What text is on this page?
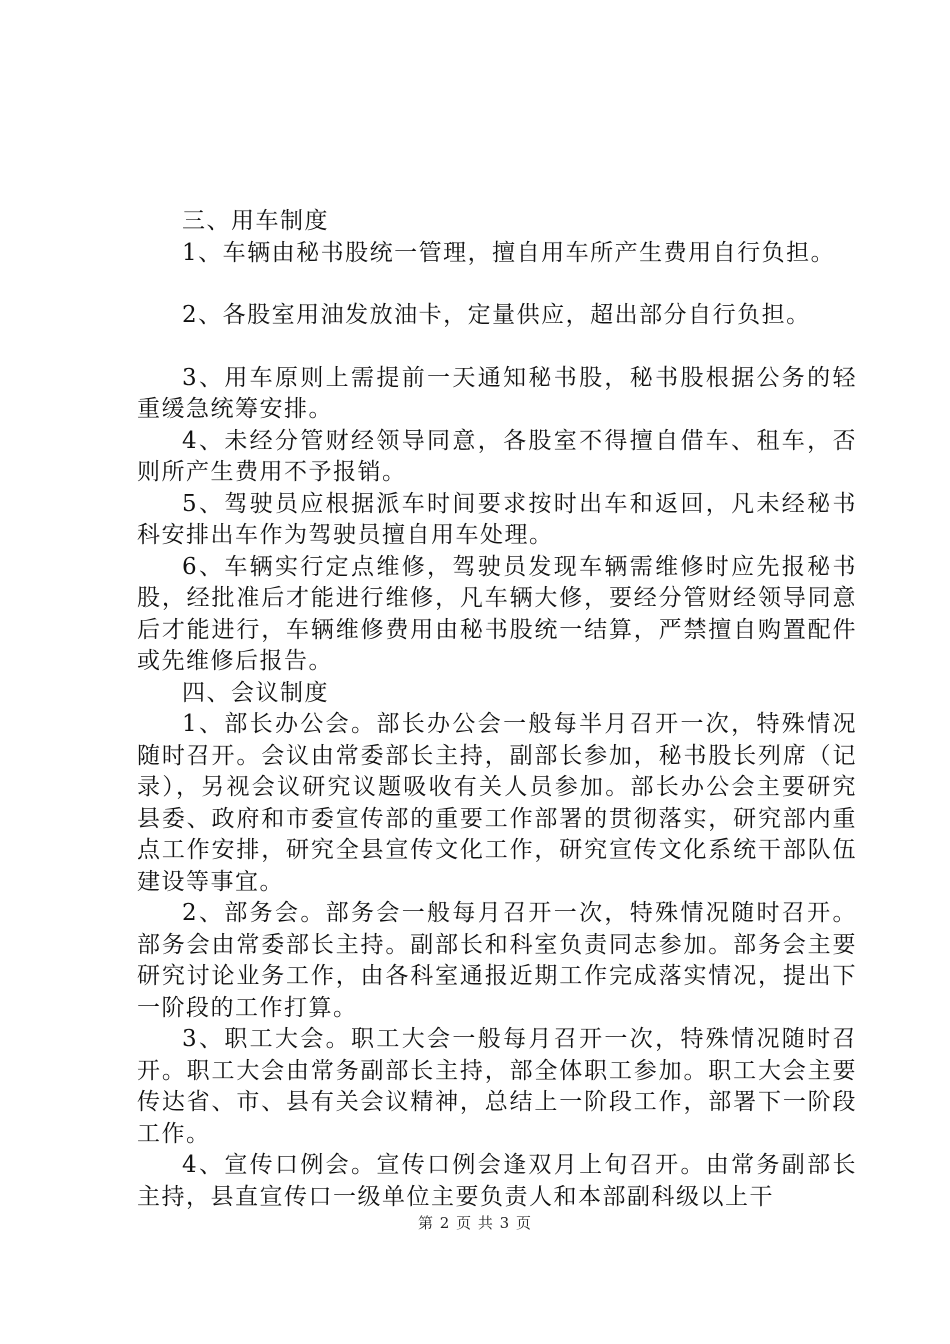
三、用车制度

1、车辆由秘书股统一管理，擅自用车所产生费用自行负担。

2、各股室用油发放油卡，定量供应，超出部分自行负担。

3、用车原则上需提前一天通知秘书股，秘书股根据公务的轻重缓急统筹安排。

4、未经分管财经领导同意，各股室不得擅自借车、租车，否则所产生费用不予报销。

5、驾驶员应根据派车时间要求按时出车和返回，凡未经秘书科安排出车作为驾驶员擅自用车处理。

6、车辆实行定点维修，驾驶员发现车辆需维修时应先报秘书股，经批准后才能进行维修，凡车辆大修，要经分管财经领导同意后才能进行，车辆维修费用由秘书股统一结算，严禁擅自购置配件或先维修后报告。

四、会议制度

1、部长办公会。部长办公会一般每半月召开一次，特殊情况随时召开。会议由常委部长主持，副部长参加，秘书股长列席（记录），另视会议研究议题吸收有关人员参加。部长办公会主要研究县委、政府和市委宣传部的重要工作部署的贯彻落实，研究部内重点工作安排，研究全县宣传文化工作，研究宣传文化系统干部队伍建设等事宜。

2、部务会。部务会一般每月召开一次，特殊情况随时召开。部务会由常委部长主持。副部长和科室负责同志参加。部务会主要研究讨论业务工作，由各科室通报近期工作完成落实情况，提出下一阶段的工作打算。

3、职工大会。职工大会一般每月召开一次，特殊情况随时召开。职工大会由常务副部长主持，部全体职工参加。职工大会主要传达省、市、县有关会议精神，总结上一阶段工作，部署下一阶段工作。

4、宣传口例会。宣传口例会逢双月上旬召开。由常务副部长主持，县直宣传口一级单位主要负责人和本部副科级以上干

第 2 页 共 3 页
